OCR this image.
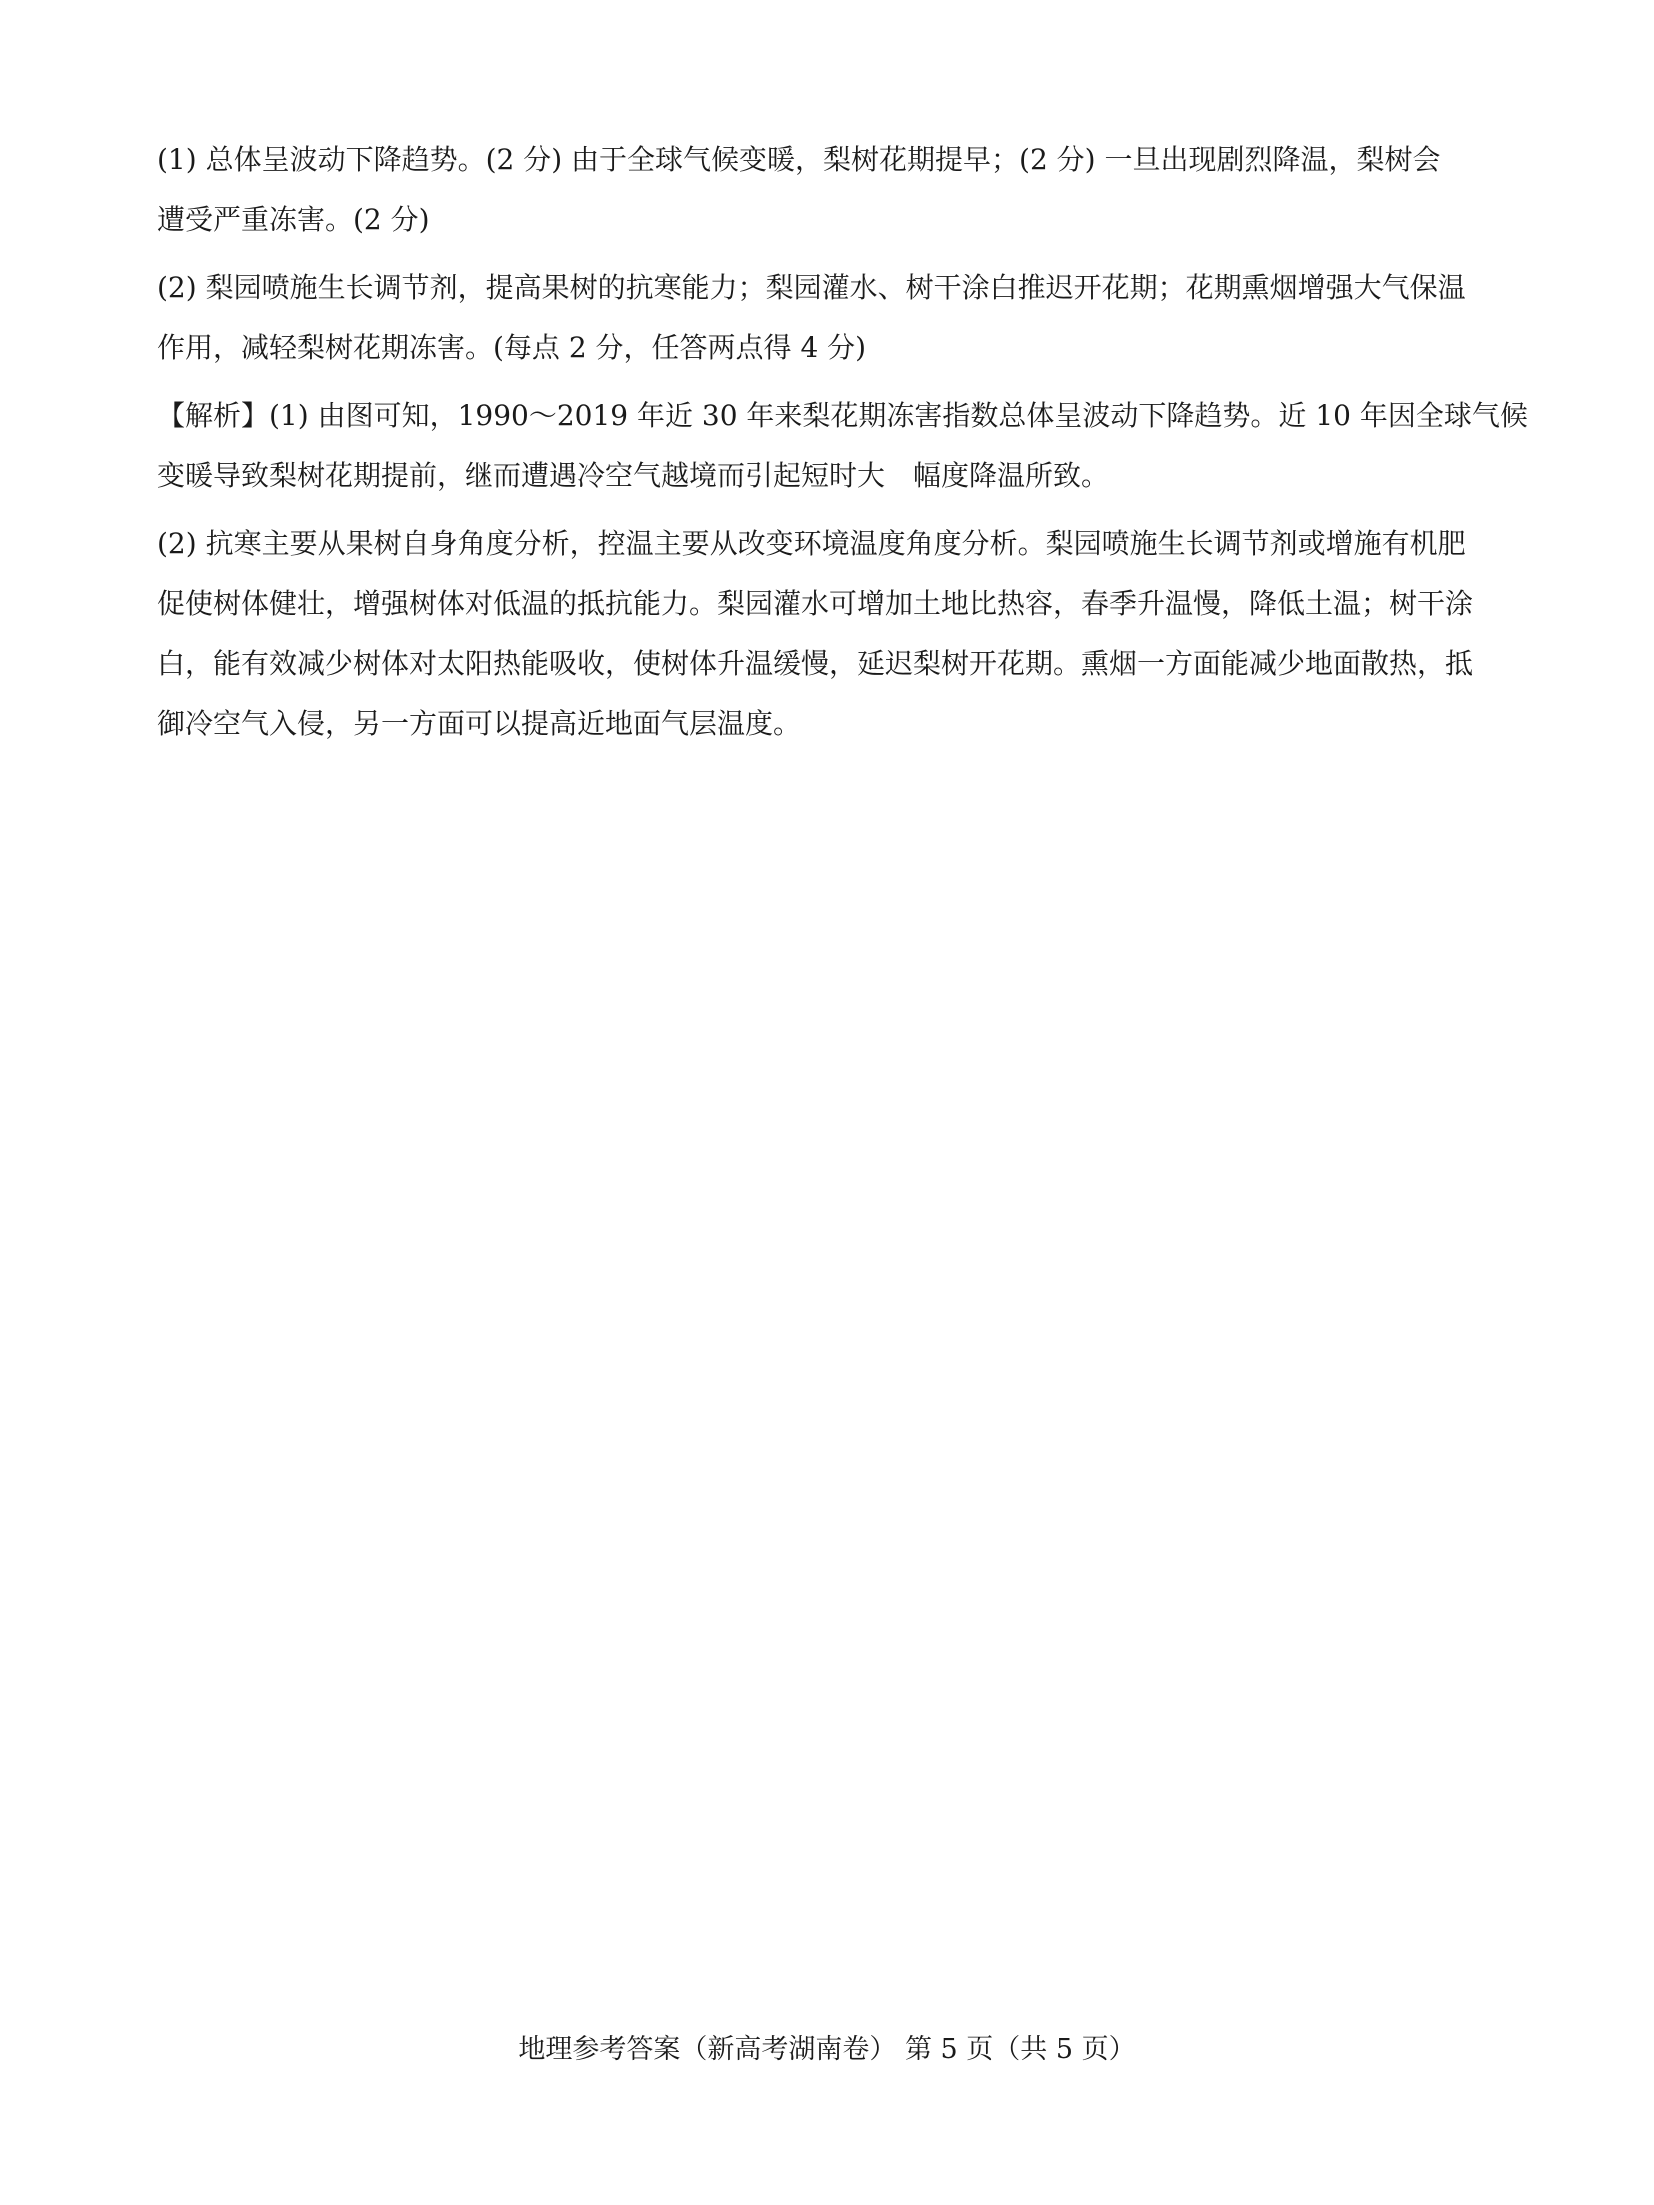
(1) 总体呈波动下降趋势。(2 分) 由于全球气候变暖，梨树花期提早；(2 分) 一旦出现剧烈降温，梨树会
遭受严重冻害。(2 分)

(2) 梨园喷施生长调节剂，提高果树的抗寒能力；梨园灌水、树干涂白推迟开花期；花期熏烟增强大气保温
作用，减轻梨树花期冻害。(每点 2 分，任答两点得 4 分)

【解析】(1) 由图可知，1990～2019 年近 30 年来梨花期冻害指数总体呈波动下降趋势。近 10 年因全球气候
变暖导致梨树花期提前，继而遭遇冷空气越境而引起短时大　幅度降温所致。

(2) 抗寒主要从果树自身角度分析，控温主要从改变环境温度角度分析。梨园喷施生长调节剂或增施有机肥
促使树体健壮，增强树体对低温的抵抗能力。梨园灌水可增加土地比热容，春季升温慢，降低土温；树干涂
白，能有效减少树体对太阳热能吸收，使树体升温缓慢，延迟梨树开花期。熏烟一方面能减少地面散热，抵
御冷空气入侵，另一方面可以提高近地面气层温度。

地理参考答案（新高考湖南卷） 第 5 页（共 5 页）
